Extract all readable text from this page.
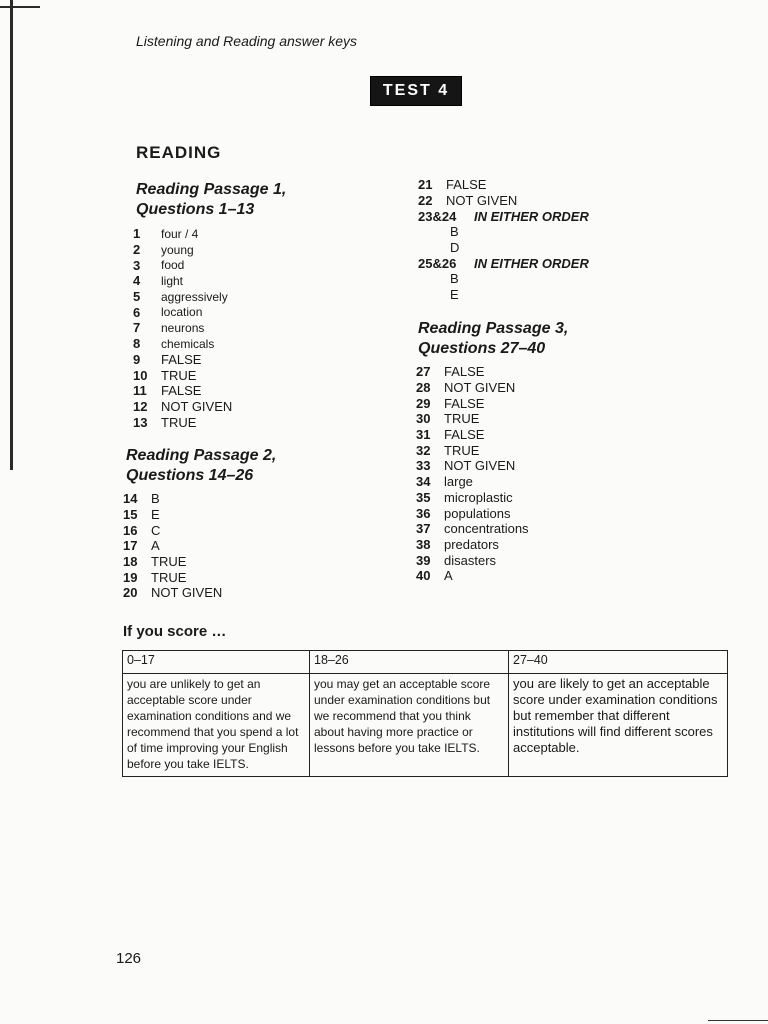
Listening and Reading answer keys
TEST 4
READING
Reading Passage 1,
Questions 1–13
1	four / 4
2	young
3	food
4	light
5	aggressively
6	location
7	neurons
8	chemicals
9	FALSE
10	TRUE
11	FALSE
12	NOT GIVEN
13	TRUE
Reading Passage 2,
Questions 14–26
14	B
15	E
16	C
17	A
18	TRUE
19	TRUE
20	NOT GIVEN
21	FALSE
22	NOT GIVEN
23&24	IN EITHER ORDER
B
D
25&26	IN EITHER ORDER
B
E
Reading Passage 3,
Questions 27–40
27	FALSE
28	NOT GIVEN
29	FALSE
30	TRUE
31	FALSE
32	TRUE
33	NOT GIVEN
34	large
35	microplastic
36	populations
37	concentrations
38	predators
39	disasters
40	A
If you score …
0–17	18–26	27–40
you are unlikely to get an acceptable score under examination conditions and we recommend that you spend a lot of time improving your English before you take IELTS.	you may get an acceptable score under examination conditions but we recommend that you think about having more practice or lessons before you take IELTS.	you are likely to get an acceptable score under examination conditions but remember that different institutions will find different scores acceptable.
126
